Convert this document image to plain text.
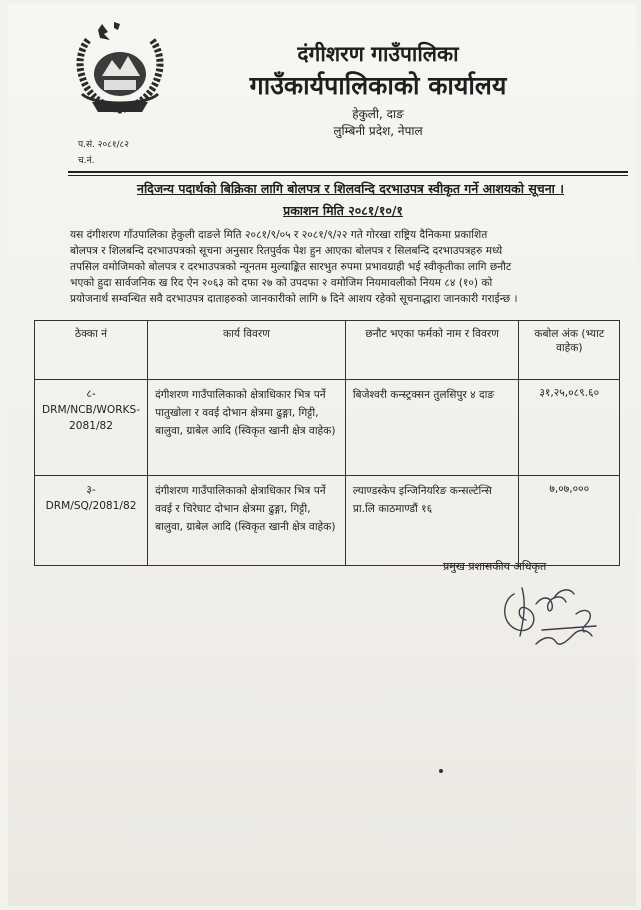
दंगीशरण गाउँपालिका
गाउँकार्यपालिकाको कार्यालय
हेकुली, दाङ
लुम्बिनी प्रदेश, नेपाल
प.सं. २०८१/८२
च.नं.
नदिजन्य पदार्थको बिक्रिका लागि बोलपत्र र शिलवन्दि दरभाउपत्र स्वीकृत गर्ने आशयको सूचना ।
प्रकाशन मिति २०८१/१०/१
यस दंगीशरण गाँउपालिका हेकुली दाङले मिति २०८१/९/०५ र २०८१/९/२२ गते गोरखा राष्ट्रिय दैनिकमा प्रकाशित
बोलपत्र र शिलबन्दि दरभाउपत्रको सूचना अनुसार रितपुर्वक पेश हुन आएका बोलपत्र र सिलबन्दि दरभाउपत्रहरु मध्ये
तपसिल वमोजिमको बोलपत्र र दरभाउपत्रको न्यूनतम मुल्याङ्कित सारभुत रुपमा प्रभावग्राही भई स्वीकृतीका लागि छनौट
भएको हुदा सार्वजनिक ख रिद ऐन २०६३ को दफा २७ को उपदफा २ वमोजिम नियमावलीको नियम ८४ (१०) को
प्रयोजनार्थ सम्वन्धित सवै दरभाउपत्र दाताहरुको जानकारीको लागि ७ दिने आशय रहेको सूचनाद्धारा जानकारी गराईन्छ ।
ठेक्का नं	कार्य विवरण	छनौट भएका फर्मको नाम र विवरण	कबोल अंक (भ्याट वाहेक)

८-
DRM/NCB/WORKS-2081/82	दंगीशरण गाउँपालिकाको क्षेत्राधिकार भित्र पर्ने पातुखोला र ववई दोभान क्षेत्रमा ढुङ्गा, गिट्टी, बालुवा, ग्राबेल आदि (स्विकृत खानी क्षेत्र वाहेक)	बिजेश्वरी कन्स्ट्रक्सन तुलसिपुर ४ दाङ	३१,२५,०८९.६०

३-
DRM/SQ/2081/82	दंगीशरण गाउँपालिकाको क्षेत्राधिकार भित्र पर्ने ववई र चिरेघाट दोभान क्षेत्रमा ढुङ्गा, गिट्टी, बालुवा, ग्राबेल आदि (स्विकृत खानी क्षेत्र वाहेक)	ल्याण्डस्केप इन्जिनियरिङ कन्सल्टेन्सि प्रा.लि काठमाण्डौं १६	७,०७,०००
प्रमुख प्रशासकीय अधिकृत
